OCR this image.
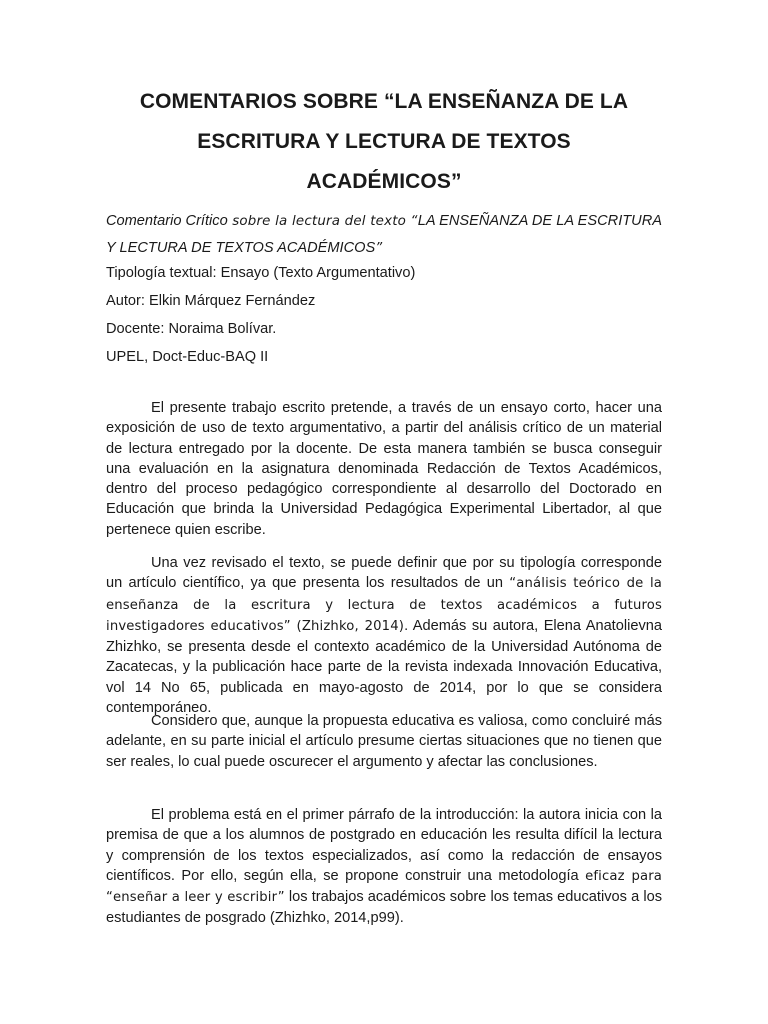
COMENTARIOS SOBRE “LA ENSEÑANZA DE LA
ESCRITURA Y LECTURA DE TEXTOS
ACADÉMICOS”
Comentario Crítico sobre la lectura del texto “LA ENSEÑANZA DE LA ESCRITURA Y LECTURA DE TEXTOS ACADÉMICOS”
Tipología textual: Ensayo (Texto Argumentativo)
Autor: Elkin Márquez Fernández
Docente: Noraima Bolívar.
UPEL, Doct-Educ-BAQ II

El presente trabajo escrito pretende, a través de un ensayo corto, hacer una exposición de uso de texto argumentativo, a partir del análisis crítico de un material de lectura entregado por la docente. De esta manera también se busca conseguir una evaluación en la asignatura denominada Redacción de Textos Académicos, dentro del proceso pedagógico correspondiente al desarrollo del Doctorado en Educación que brinda la Universidad Pedagógica Experimental Libertador, al que pertenece quien escribe.

Una vez revisado el texto, se puede definir que por su tipología corresponde un artículo científico, ya que presenta los resultados de un “análisis teórico de la enseñanza de la escritura y lectura de textos académicos a futuros investigadores educativos” (Zhizhko, 2014). Además su autora, Elena Anatolievna Zhizhko, se presenta desde el contexto académico de la Universidad Autónoma de Zacatecas, y la publicación hace parte de la revista indexada Innovación Educativa, vol 14 No 65, publicada en mayo-agosto de 2014, por lo que se considera contemporáneo.

Considero que, aunque la propuesta educativa es valiosa, como concluiré más adelante, en su parte inicial el artículo presume ciertas situaciones que no tienen que ser reales, lo cual puede oscurecer el argumento y afectar las conclusiones.

El problema está en el primer párrafo de la introducción: la autora inicia con la premisa de que a los alumnos de postgrado en educación les resulta difícil la lectura y comprensión de los textos especializados, así como la redacción de ensayos científicos. Por ello, según ella, se propone construir una metodología eficaz para “enseñar a leer y escribir” los trabajos académicos sobre los temas educativos a los estudiantes de posgrado (Zhizhko, 2014,p99).
